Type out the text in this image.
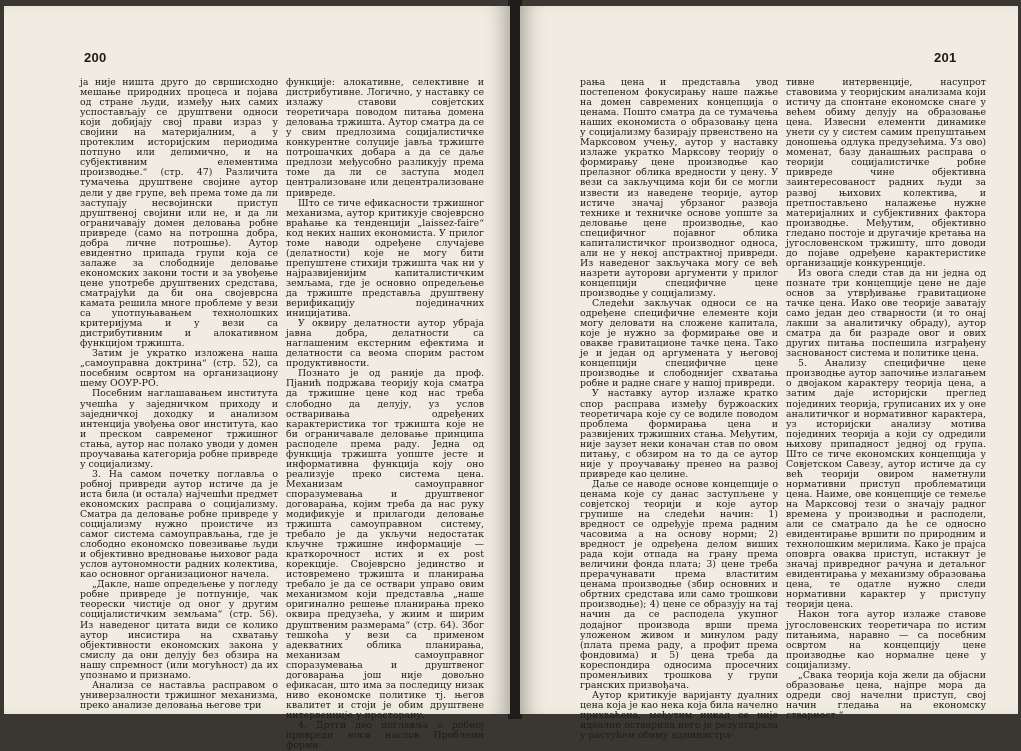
200

ја није ништа друго до свршисходно мешање природних процеса и појава од стране људи, између њих самих успостављају се друштвени односи који добијају свој прави израз у својини на материјалним, а у протеклим историјским периодима потпуно или делимично, и на субјективним елементима производње.“ (стр. 47) Различита тумачења друштвене својине аутор дели у две групе, већ према томе да ли заступају несвојински приступ друштвеној својини или не, и да ли ограничавају домен деловања робне привреде (само на потрошна добра, добра личне потрошње). Аутор евидентно припада групи која се залаже за слободније деловање економских закони тости и за увођење цене употребе друштвених средстава, сматрајући да би она својеврсна камата решила многе проблеме у вези са употпуњавањем технолошких критеријума и у вези са дистрибутивним и алокативном функцијом тржишта.

Затим је укратко изложена наша „самоуправна доктрина“ (стр. 52), са посебним освртом на организациону шему ООУР-РО.

Посебним наглашавањем института учешћа у заједничком приходу и заједничкој доходку и анализом интенција увођења овог института, као и преском савременог тржишног стања, аутор нас полако уводи у домен проучавања категорија робне привреде у социјализму.

3. На самом почетку поглавља о робној привреди аутор истиче да је иста била (и остала) најчешћи предмет економских расправа о социјализму. Сматра да деловање робне привреде у социјализму нужно проистиче из самог система самоуправљања, где је слободно економско повезивање људи и објективно вредновање њиховог рада услов аутономности радних колектива, као основног организационог начела.

„Дакле, наше опредељење у погледу робне привреде је потпуније, чак теорески чистије од оног у другим социјалистичким земљама“ (стр. 56). Из наведеног цитата види се колико аутор инсистира на схватању објективности економских закона у смислу да они делују без обзира на нашу спремност (или могућност) да их упознамо и признамо.

Анализа се наставља расправом о универзалности тржишног механизма, преко анализе деловања његове три

функције: алокативне, селективне и дистрибутивне. Логично, у наставку се излажу ставови совјетских теоретичара поводом питања домена деловања тржишта. Аутор сматра да се у свим предлозима социјалистичке конкурентне солуције јавља тржиште потрошачких добара а да се даље предлози међусобно разликују према томе да ли се заступа модел централизоване или децентрализоване привреде.

Што се тиче ефикасности тржишног механизма, аутор критикује својеврсно враћање ка тенденцији „laissez-faire“ код неких наших економиста. У прилог томе наводи одређене случајеве (делатности) које не могу бити препуштене стихији тржишта чак ни у најразвијенијим капиталистичким земљама, где је основно опредељење да тржиште представља друштвену верификацију појединачних иницијатива.

У оквиру делатности аутор убраја јавна добра, делатности са наглашеним екстерним ефектима и делатности са веома спорим растом продуктивности.

Познато је од раније да проф. Пјанић подржава теорију која сматра да тржишне цене код нас треба слободно да делују, уз услов остваривања одређених карактеристика тог тржишта које не би ограничавале деловање принципа расподеле према раду. Једна од функција тржишта уопште јесте и информативна функција коју оно реализује преко система цена. Механизам самоуправног споразумевања и друштвеног договарања, којим треба да нас руку модификује и прилагоди деловање тржишта самоуправном систему, требало је да укључи недостатак кључне тржишне информације — краткорочност истих и ex post корекције. Својеврсно јединство и истовремено тржишта и планирања требало је да се оствари управо овим механизмом који представља „наше оригинално решење планирања преко оквира предузећа, у жиим и ширим друштвеним размерама“ (стр. 64). Због тешкоћа у вези са применом адекватних облика планирања, механизам самоуправног споразумевања и друштвеног договарања још није довољно ефикасан, што има за последицу низак ниво економске политике тј. његов квалитет и стоји је обим друштвене интервенције у просторану.

4. Други део поглавља о робној привреди носи наслов Проблеми форми-

201

рања цена и представља увод постепеном фокусирању наше пажње на домен савремених концепција о ценама. Пошто сматра да се тумачења наших економиста о образовању цена у социјализму базирају првенствено на Марксовом учењу, аутор у наставку излаже укратко Марксову теорију о формирању цене производње као прелазног облика вредности у цену. У вези са закључцима који би се могли извести из наведене теорије, аутор истиче значај убрзаног развоја технике и техничке основе уопште за деловање цене производње, као специфичног појавног облика капиталистичког производног односа, али не у некој апстрактној привреди. Из наведеног закључака могу се већ назрети ауторови аргументи у прилог концепцији специфичне цене производње у социјализму.

Следећи закључак односи се на одређене специфичне елементе који могу деловати на сложене капитала, које је нужно за формирање ове и оваквe гравитационе тачке цена. Тако је и један од аргумената у његовој концепцији специфичне цене производње и слободнијег схватања робне и радне снаге у нашој привреди.

У наставку аутор излаже кратко спор расправа између буржоаских теоретичара које су се водиле поводом проблема формирања цена и развијених тржишних стања. Међутим, није заузет неки коначан став по овом питању, с обзиром на то да се аутор није у проучавању пренео на развој привреде као целине.

Даље се наводе основе концепције о ценама које су данас заступљене у совјетској теорији и које аутор групише на следећи начин: 1) вредност се одређује према радним часовима а на основу норми; 2) вредност је одређена делом виших рада који отпада на грану према величини фонда плата; 3) цене треба прерачунавати према властитим ценама производње (збир основних и обртних средстава или само трошкови производње); 4) цене се образују на тај начин да се расподела укупног додајног производа врши према уложеном живом и минулом раду (плата према раду, а профит према фондовима) и 5) цена треба да кореспондира односима просечних променљивих трошкова у групи гранских призвођача.

Аутор критикује варијанту дуалних цена која је као нека која била начелно прихваћена, међутим никад се није идеално остварила него је резултирала у растућем обиму администра-

тивне интервенције, насупрот ставовима у теоријским анализама који истичу да спонтане економске снаге у већем обиму делују на образовање цена. Извесни елементи динамике унети су у систем самим препуштањем доношења одлука предузећима. Уз ово) моменат, базу данашњих расправа о теорији социјалистичке робне привреде чине објективна заинтересованост радних људи за развој њихових колектива, и претпостављено налажење нужне материјалних и субјективних фактора производње. Међутим, објективно гледано постоје и другачије кретања на југословенском тржишту, што доводи до појаве одређене карактеристике организације конкуренције.

Из овога следи став да ни једна од познате три концепције цене не даје основ за утврђивање гравитационе тачке цена. Иако ове теорије заватају само један део стварности (и то онај лакши за аналитичку обраду), аутор сматра да би разраде овог и ових других питања поспешила изграђену заснованост система и политике цена.

5. Анализу специфичне цене производње аутор започиње излагањем о двојаком карактеру теорија цена, а затим даје историјски преглед појединих теорија, груписаних их у оне аналитичког и нормативног карактера, уз историјски анализу мотива појединих теорија а који су одредили њихову припадност једној од група. Што се тиче економских концепција у Совјетском Савезу, аутор истиче да су већ теорији овиром наметнули нормативни приступ проблематици цена. Наиме, ове концепције се темеље на Марксовој тези о значају радног времена у производњи и расподели, али се сматрало да ће се односно евидентирање вршити по природним и технолошким мерилима. Како је прајса оповрга оваква приступ, истакнут је значај привредног рачуна и детаљног евидентирања у механизму образовања цена, те одатле нужно следи нормативни карактер у приступу теорији цена.

Након тога аутор излаже ставове југословенских теоретичара по истим питањима, наравно — са посебним освртом на концепцију цене производње као нормалне цене у социјализму.

„Свака теорија која жели да објасни образовање цена, најпре мора да одреди свој начелни приступ, свој начин гледања на економску стварност.“
